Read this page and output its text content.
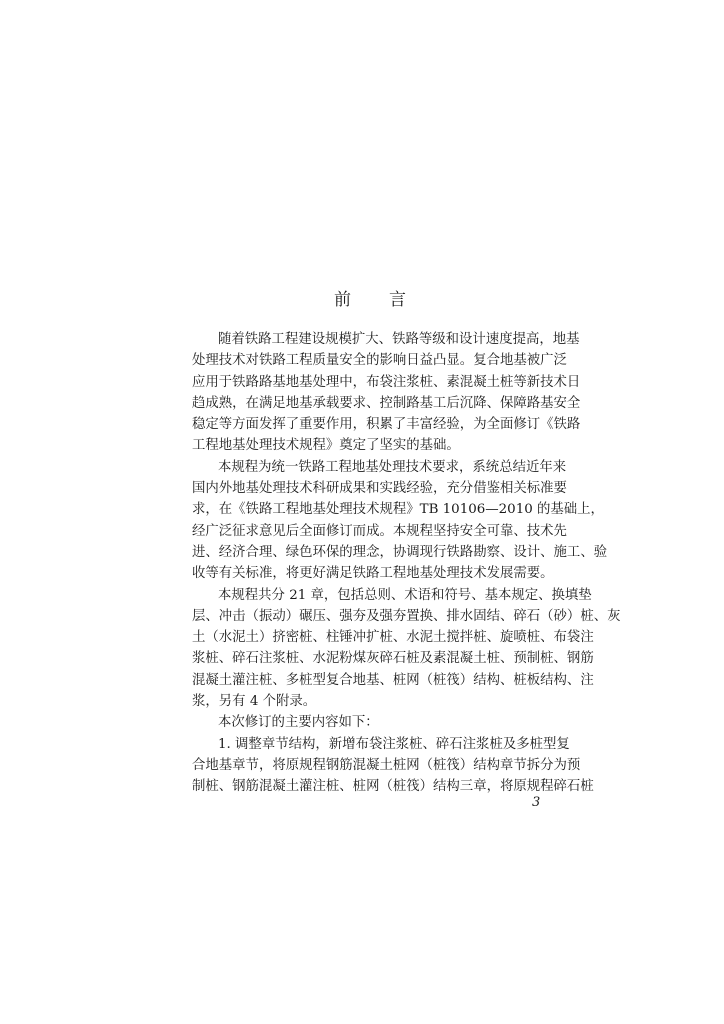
前 言
随着铁路工程建设规模扩大、铁路等级和设计速度提高，地基
处理技术对铁路工程质量安全的影响日益凸显。复合地基被广泛
应用于铁路路基地基处理中，布袋注浆桩、素混凝土桩等新技术日
趋成熟，在满足地基承载要求、控制路基工后沉降、保障路基安全
稳定等方面发挥了重要作用，积累了丰富经验，为全面修订《铁路
工程地基处理技术规程》奠定了坚实的基础。
本规程为统一铁路工程地基处理技术要求，系统总结近年来
国内外地基处理技术科研成果和实践经验，充分借鉴相关标准要
求，在《铁路工程地基处理技术规程》TB 10106—2010 的基础上，
经广泛征求意见后全面修订而成。本规程坚持安全可靠、技术先
进、经济合理、绿色环保的理念，协调现行铁路勘察、设计、施工、验
收等有关标准，将更好满足铁路工程地基处理技术发展需要。
本规程共分 21 章，包括总则、术语和符号、基本规定、换填垫
层、冲击（振动）碾压、强夯及强夯置换、排水固结、碎石（砂）桩、灰
土（水泥土）挤密桩、柱锤冲扩桩、水泥土搅拌桩、旋喷桩、布袋注
浆桩、碎石注浆桩、水泥粉煤灰碎石桩及素混凝土桩、预制桩、钢筋
混凝土灌注桩、多桩型复合地基、桩网（桩筏）结构、桩板结构、注
浆，另有 4 个附录。
本次修订的主要内容如下：
1. 调整章节结构，新增布袋注浆桩、碎石注浆桩及多桩型复
合地基章节，将原规程钢筋混凝土桩网（桩筏）结构章节拆分为预
制桩、钢筋混凝土灌注桩、桩网（桩筏）结构三章，将原规程碎石桩
3
